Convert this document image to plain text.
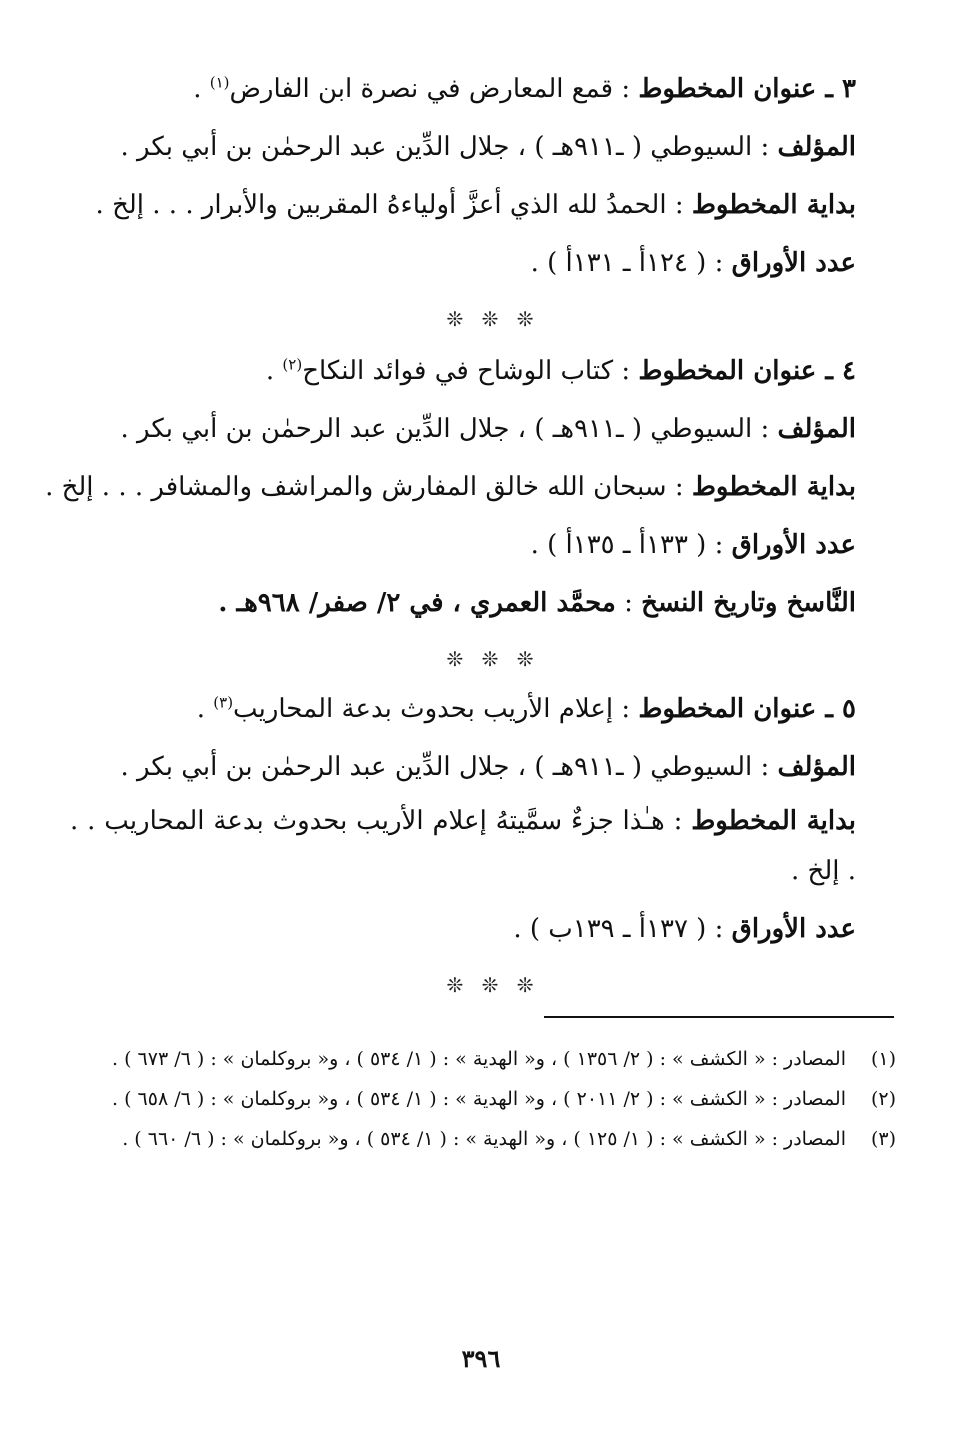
٣ ـ عنوان المخطوط : قمع المعارض في نصرة ابن الفارض$^{(١)}$ .
المؤلف : السيوطي ( ـ٩١١هـ ) ، جلال الدِّين عبد الرحمٰن بن أبي بكر .
بداية المخطوط : الحمدُ لله الذي أعزَّ أولياءهُ المقربين والأبرار . . . إلخ .
عدد الأوراق : ( ١٢٤أ ـ ١٣١أ ) .
❊ ❊ ❊
٤ ـ عنوان المخطوط : كتاب الوشاح في فوائد النكاح$^{(٢)}$ .
المؤلف : السيوطي ( ـ٩١١هـ ) ، جلال الدِّين عبد الرحمٰن بن أبي بكر .
بداية المخطوط : سبحان الله خالق المفارش والمراشف والمشافر . . . إلخ .
عدد الأوراق : ( ١٣٣أ ـ ١٣٥أ ) .
النَّاسخ وتاريخ النسخ : محمَّد العمري ، في ٢/ صفر/ ٩٦٨هـ .
❊ ❊ ❊
٥ ـ عنوان المخطوط : إعلام الأريب بحدوث بدعة المحاريب$^{(٣)}$ .
المؤلف : السيوطي ( ـ٩١١هـ ) ، جلال الدِّين عبد الرحمٰن بن أبي بكر .
بداية المخطوط : هـٰذا جزءٌ سمَّيتهُ إعلام الأريب بحدوث بدعة المحاريب . . . إلخ .
عدد الأوراق : ( ١٣٧أ ـ ١٣٩ب ) .
❊ ❊ ❊
(١)
المصادر : « الكشف » : ( ٢/ ١٣٥٦ ) ، و« الهدية » : ( ١/ ٥٣٤ ) ، و« بروكلمان » : ( ٦/ ٦٧٣ ) .
(٢)
المصادر : « الكشف » : ( ٢/ ٢٠١١ ) ، و« الهدية » : ( ١/ ٥٣٤ ) ، و« بروكلمان » : ( ٦/ ٦٥٨ ) .
(٣)
المصادر : « الكشف » : ( ١/ ١٢٥ ) ، و« الهدية » : ( ١/ ٥٣٤ ) ، و« بروكلمان » : ( ٦/ ٦٦٠ ) .
٣٩٦
